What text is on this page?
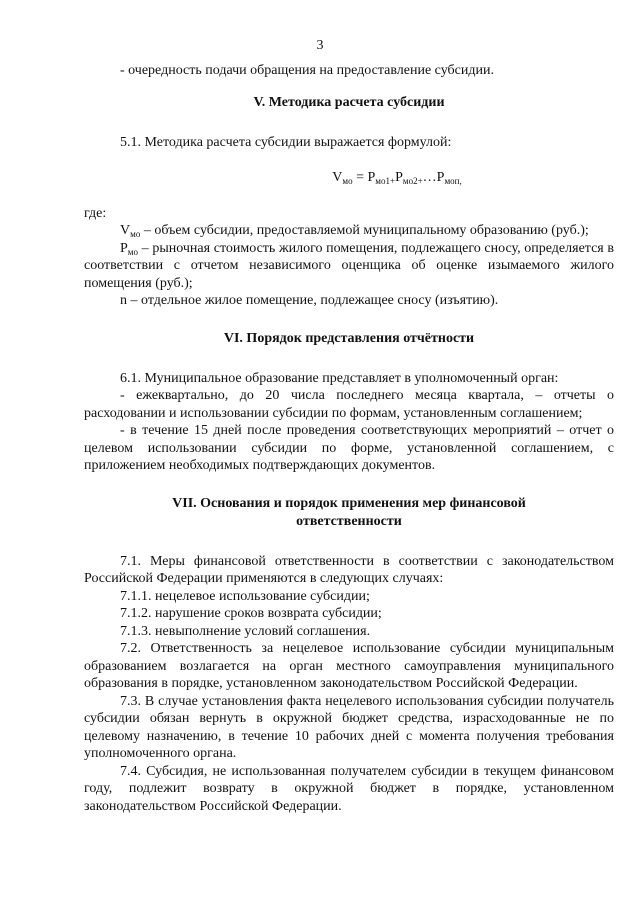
3

- очередность подачи обращения на предоставление субсидии.

V. Методика расчета субсидии

5.1. Методика расчета субсидии выражается формулой:

$V_{мо}$ = $P_{мо1+}P_{мо2+}\dots P_{моп,}$

где:

$V_{мо}$ – объем субсидии, предоставляемой муниципальному образованию (руб.);

$P_{мо}$ – рыночная стоимость жилого помещения, подлежащего сносу, определяется в соответствии с отчетом независимого оценщика об оценке изымаемого жилого помещения (руб.);

n – отдельное жилое помещение, подлежащее сносу (изъятию).

VI. Порядок представления отчётности

6.1. Муниципальное образование представляет в уполномоченный орган:

- ежеквартально, до 20 числа последнего месяца квартала, – отчеты о расходовании и использовании субсидии по формам, установленным соглашением;

- в течение 15 дней после проведения соответствующих мероприятий – отчет о целевом использовании субсидии по форме, установленной соглашением, с приложением необходимых подтверждающих документов.

VII. Основания и порядок применения мер финансовой

ответственности

7.1. Меры финансовой ответственности в соответствии с законодательством Российской Федерации применяются в следующих случаях:

7.1.1. нецелевое использование субсидии;

7.1.2. нарушение сроков возврата субсидии;

7.1.3. невыполнение условий соглашения.

7.2. Ответственность за нецелевое использование субсидии муниципальным образованием возлагается на орган местного самоуправления муниципального образования в порядке, установленном законодательством Российской Федерации.

7.3. В случае установления факта нецелевого использования субсидии получатель субсидии обязан вернуть в окружной бюджет средства, израсходованные не по целевому назначению, в течение 10 рабочих дней с момента получения требования уполномоченного органа.

7.4. Субсидия, не использованная получателем субсидии в текущем финансовом году, подлежит возврату в окружной бюджет в порядке, установленном законодательством Российской Федерации.
